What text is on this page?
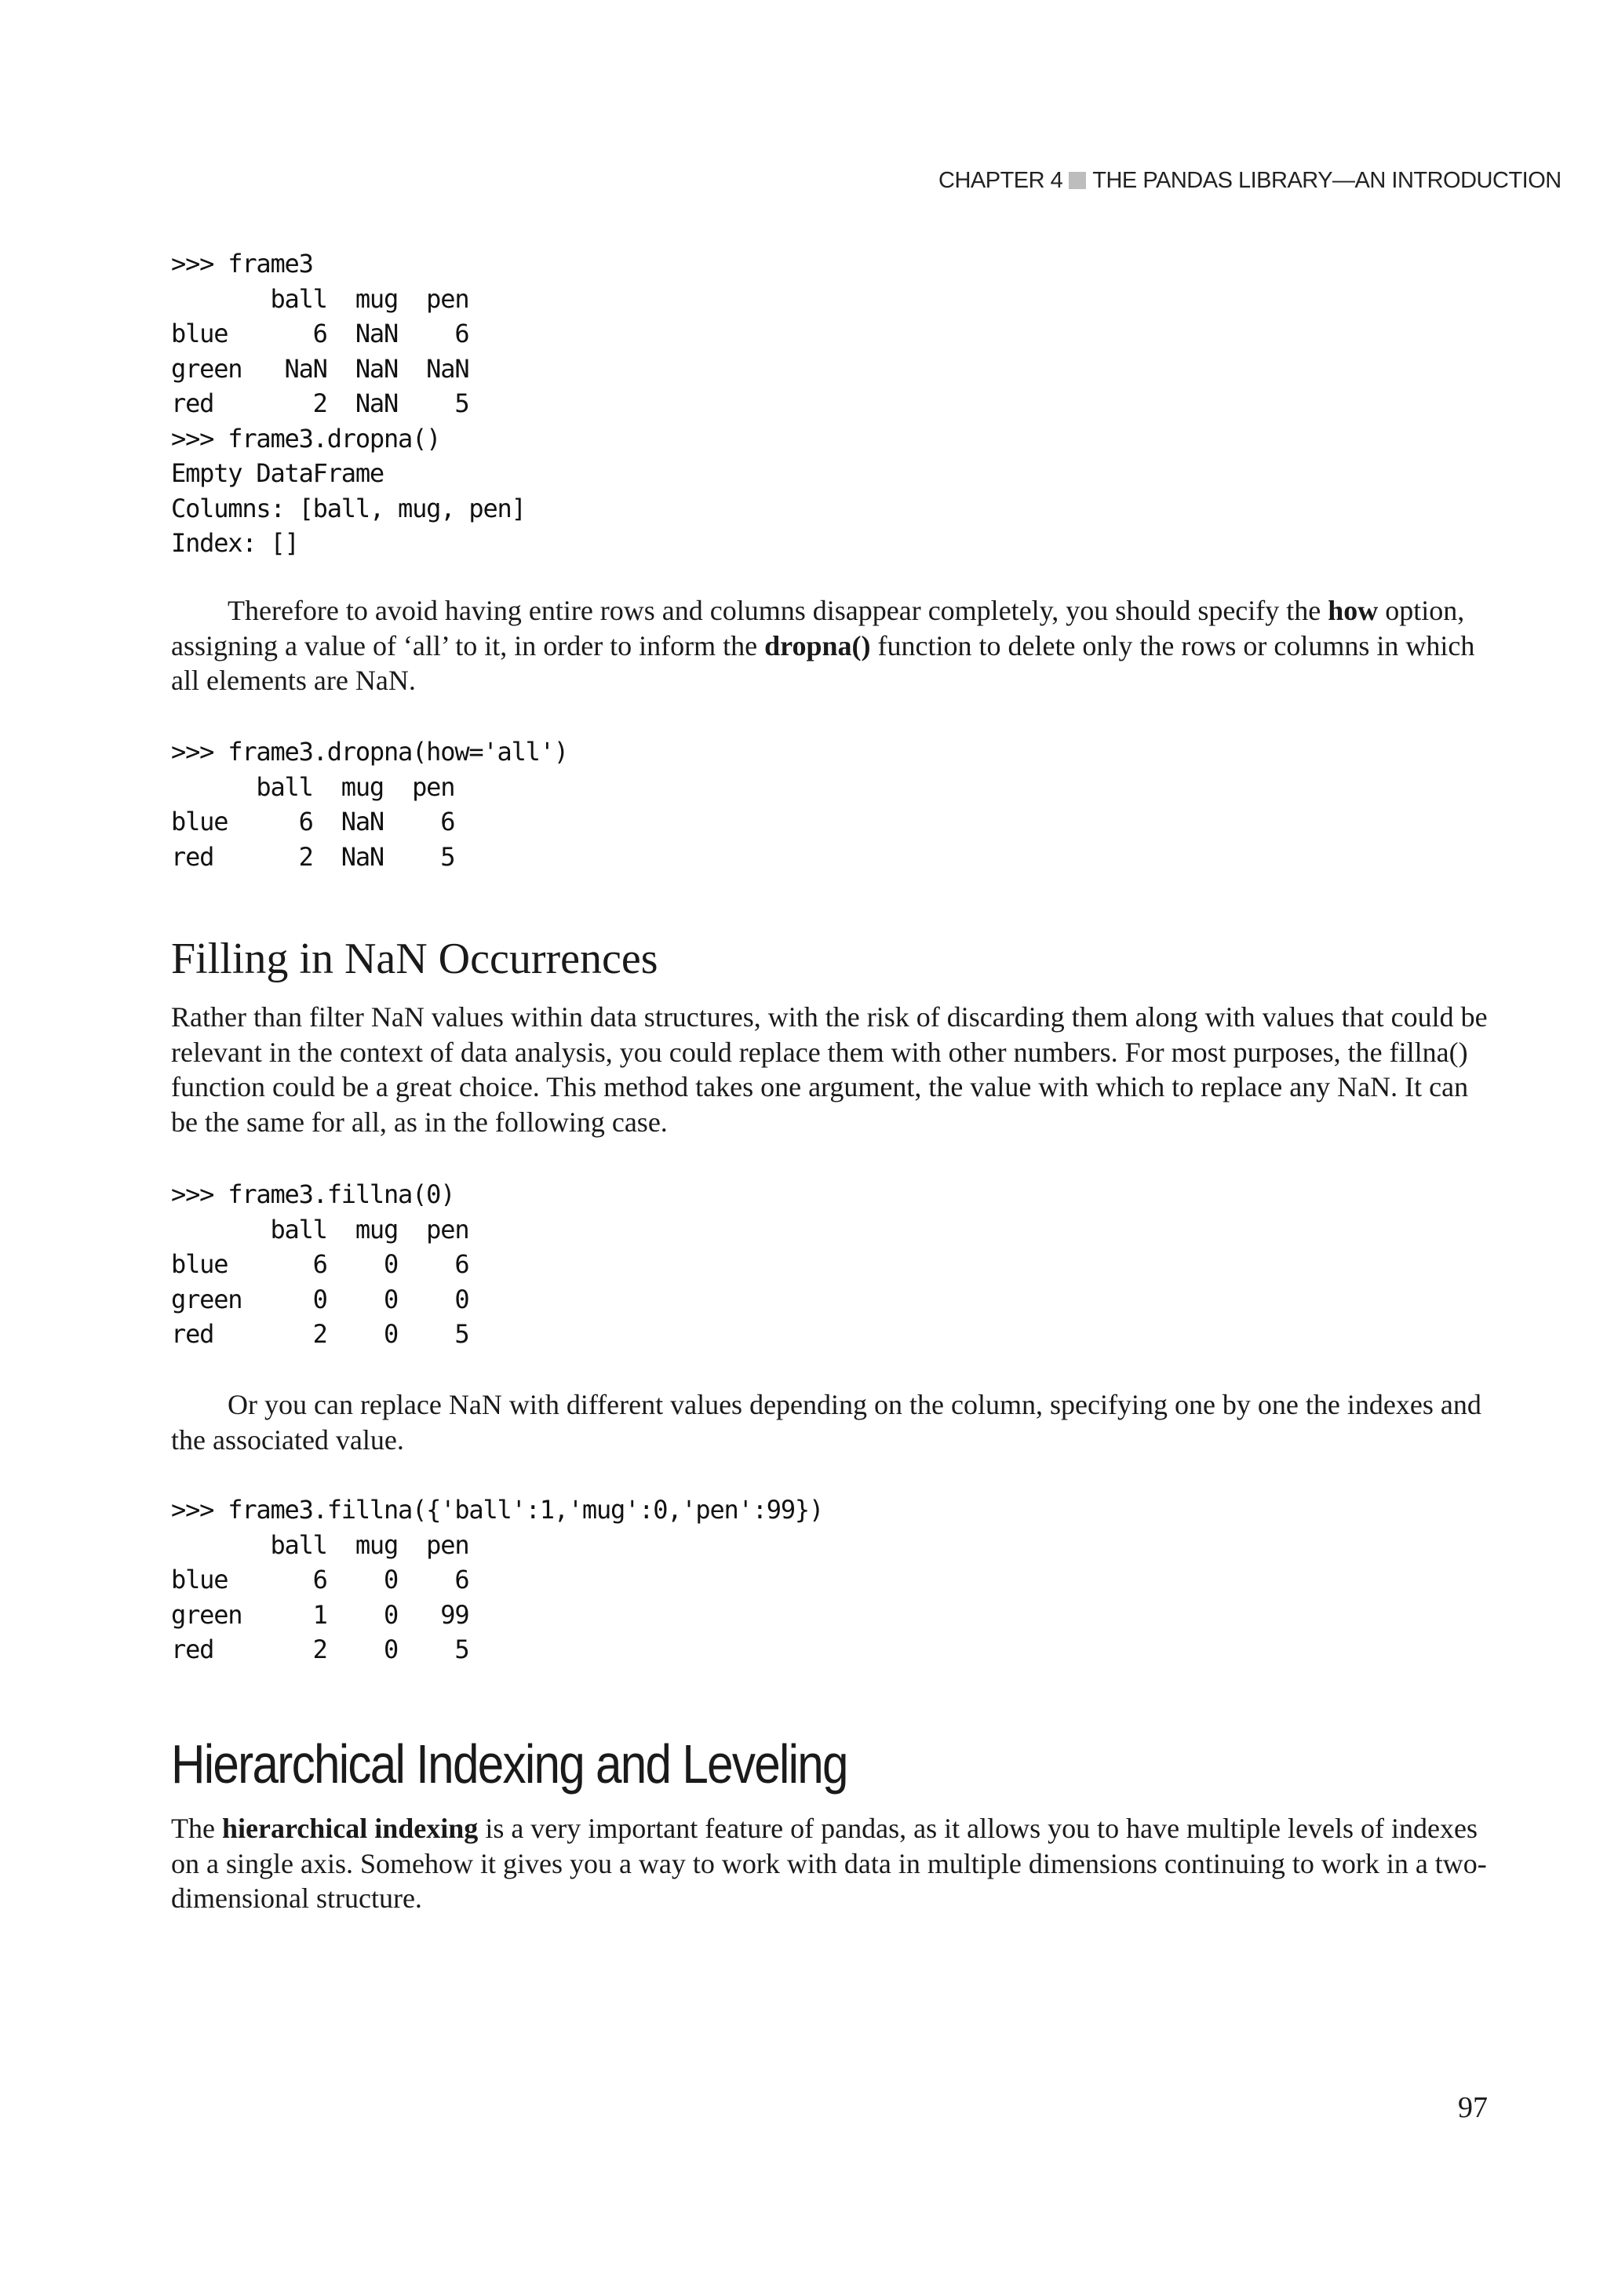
CHAPTER 4 THE PANDAS LIBRARY—AN INTRODUCTION
>>> frame3
ball  mug  pen
blue      6  NaN    6
green   NaN  NaN  NaN
red       2  NaN    5
>>> frame3.dropna()
Empty DataFrame
Columns: [ball, mug, pen]
Index: []

Therefore to avoid having entire rows and columns disappear completely, you should specify the how option, assigning a value of ‘all’ to it, in order to inform the dropna() function to delete only the rows or columns in which all elements are NaN.

>>> frame3.dropna(how='all')
ball  mug  pen
blue     6  NaN    6
red      2  NaN    5
Filling in NaN Occurrences

Rather than filter NaN values within data structures, with the risk of discarding them along with values that could be relevant in the context of data analysis, you could replace them with other numbers. For most purposes, the fillna() function could be a great choice. This method takes one argument, the value with which to replace any NaN. It can be the same for all, as in the following case.

>>> frame3.fillna(0)
ball  mug  pen
blue      6    0    6
green     0    0    0
red       2    0    5

Or you can replace NaN with different values depending on the column, specifying one by one the indexes and the associated value.

>>> frame3.fillna({'ball':1,'mug':0,'pen':99})
ball  mug  pen
blue      6    0    6
green     1    0   99
red       2    0    5
Hierarchical Indexing and Leveling

The hierarchical indexing is a very important feature of pandas, as it allows you to have multiple levels of indexes on a single axis. Somehow it gives you a way to work with data in multiple dimensions continuing to work in a two-dimensional structure.

97
